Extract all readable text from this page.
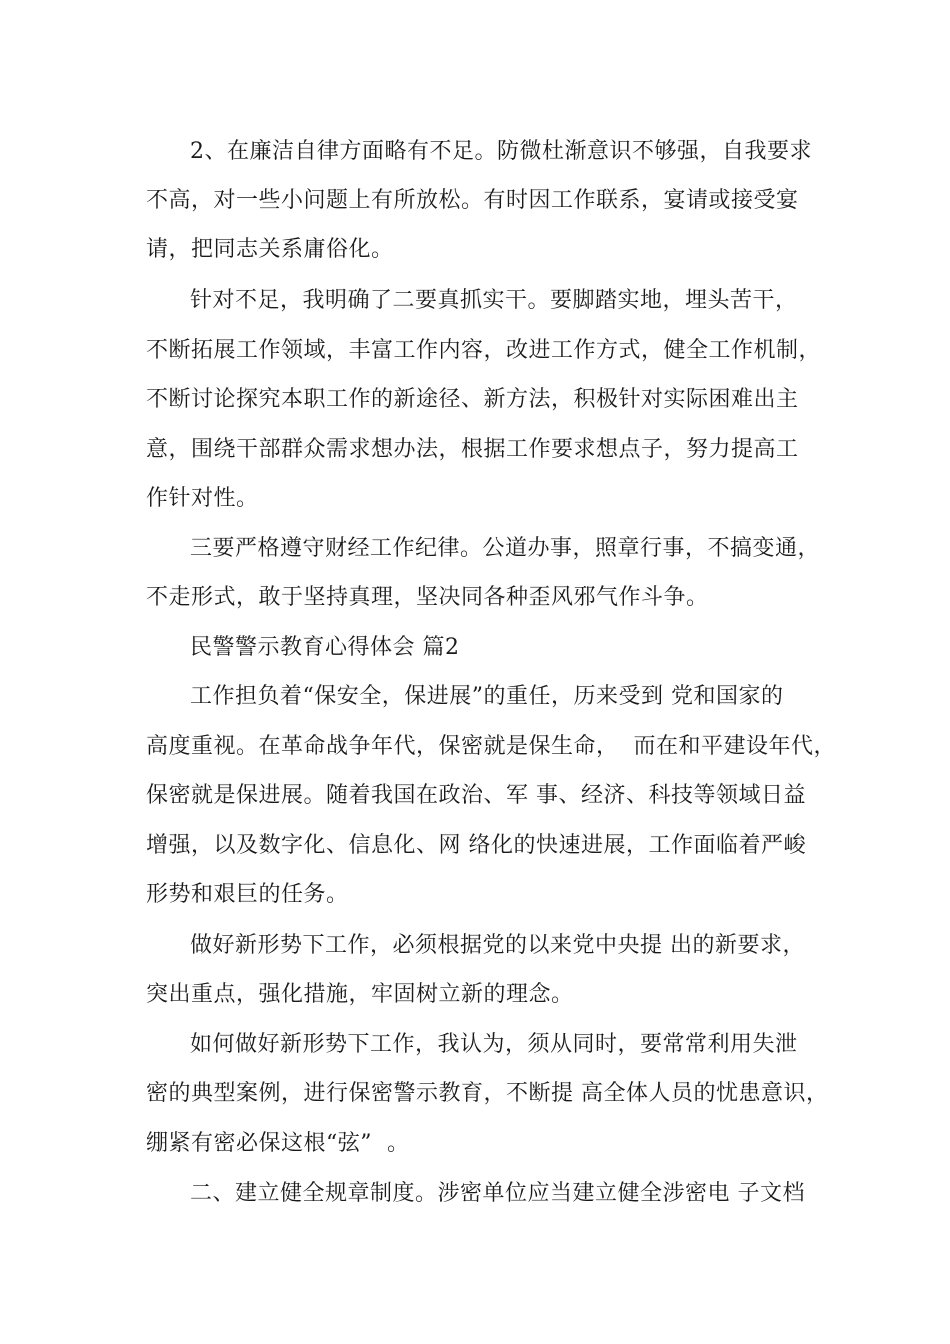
2、在廉洁自律方面略有不足。防微杜渐意识不够强，自我要求
不高，对一些小问题上有所放松。有时因工作联系，宴请或接受宴
请，把同志关系庸俗化。
针对不足，我明确了二要真抓实干。要脚踏实地，埋头苦干，
不断拓展工作领域，丰富工作内容，改进工作方式，健全工作机制，
不断讨论探究本职工作的新途径、新方法，积极针对实际困难出主
意，围绕干部群众需求想办法，根据工作要求想点子，努力提高工
作针对性。
三要严格遵守财经工作纪律。公道办事，照章行事，不搞变通，
不走形式，敢于坚持真理，坚决同各种歪风邪气作斗争。
民警警示教育心得体会 篇2
工作担负着“保安全，保进展”的重任，历来受到 党和国家的
高度重视。在革命战争年代，保密就是保生命，  而在和平建设年代，
保密就是保进展。随着我国在政治、军 事、经济、科技等领域日益
增强，以及数字化、信息化、网 络化的快速进展，工作面临着严峻
形势和艰巨的任务。
做好新形势下工作，必须根据党的以来党中央提 出的新要求，
突出重点，强化措施，牢固树立新的理念。
如何做好新形势下工作，我认为，须从同时，要常常利用失泄
密的典型案例，进行保密警示教育，不断提 高全体人员的忧患意识，
绷紧有密必保这根“弦”  。
二、建立健全规章制度。涉密单位应当建立健全涉密电 子文档
